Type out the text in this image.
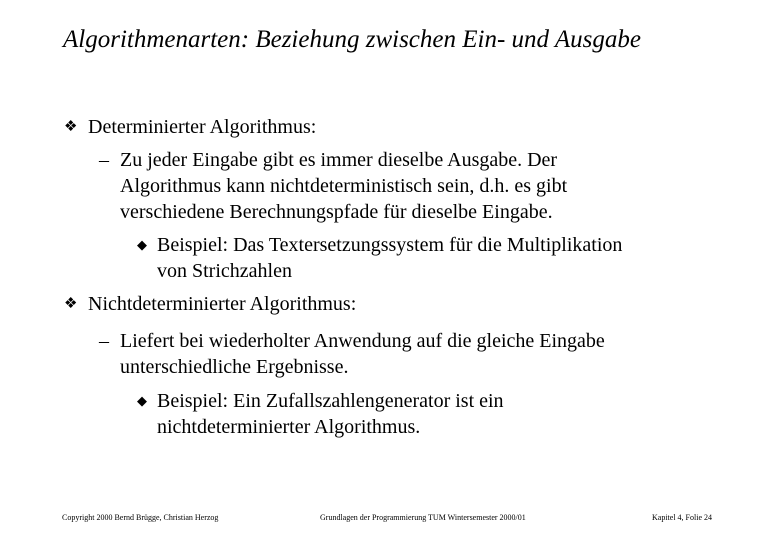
Algorithmenarten: Beziehung zwischen Ein- und Ausgabe
❖ Determinierter Algorithmus:
– Zu jeder Eingabe gibt es immer dieselbe Ausgabe. Der
Algorithmus kann nichtdeterministisch sein, d.h. es gibt
verschiedene Berechnungspfade für dieselbe Eingabe.
◆ Beispiel: Das Textersetzungssystem für die Multiplikation
von Strichzahlen
❖ Nichtdeterminierter Algorithmus:
– Liefert bei wiederholter Anwendung auf die gleiche Eingabe
unterschiedliche Ergebnisse.
◆ Beispiel: Ein Zufallszahlengenerator ist ein
nichtdeterminierter Algorithmus.
Copyright 2000 Bernd Brügge, Christian Herzog	Grundlagen der Programmierung TUM Wintersemester 2000/01	Kapitel 4, Folie 24
